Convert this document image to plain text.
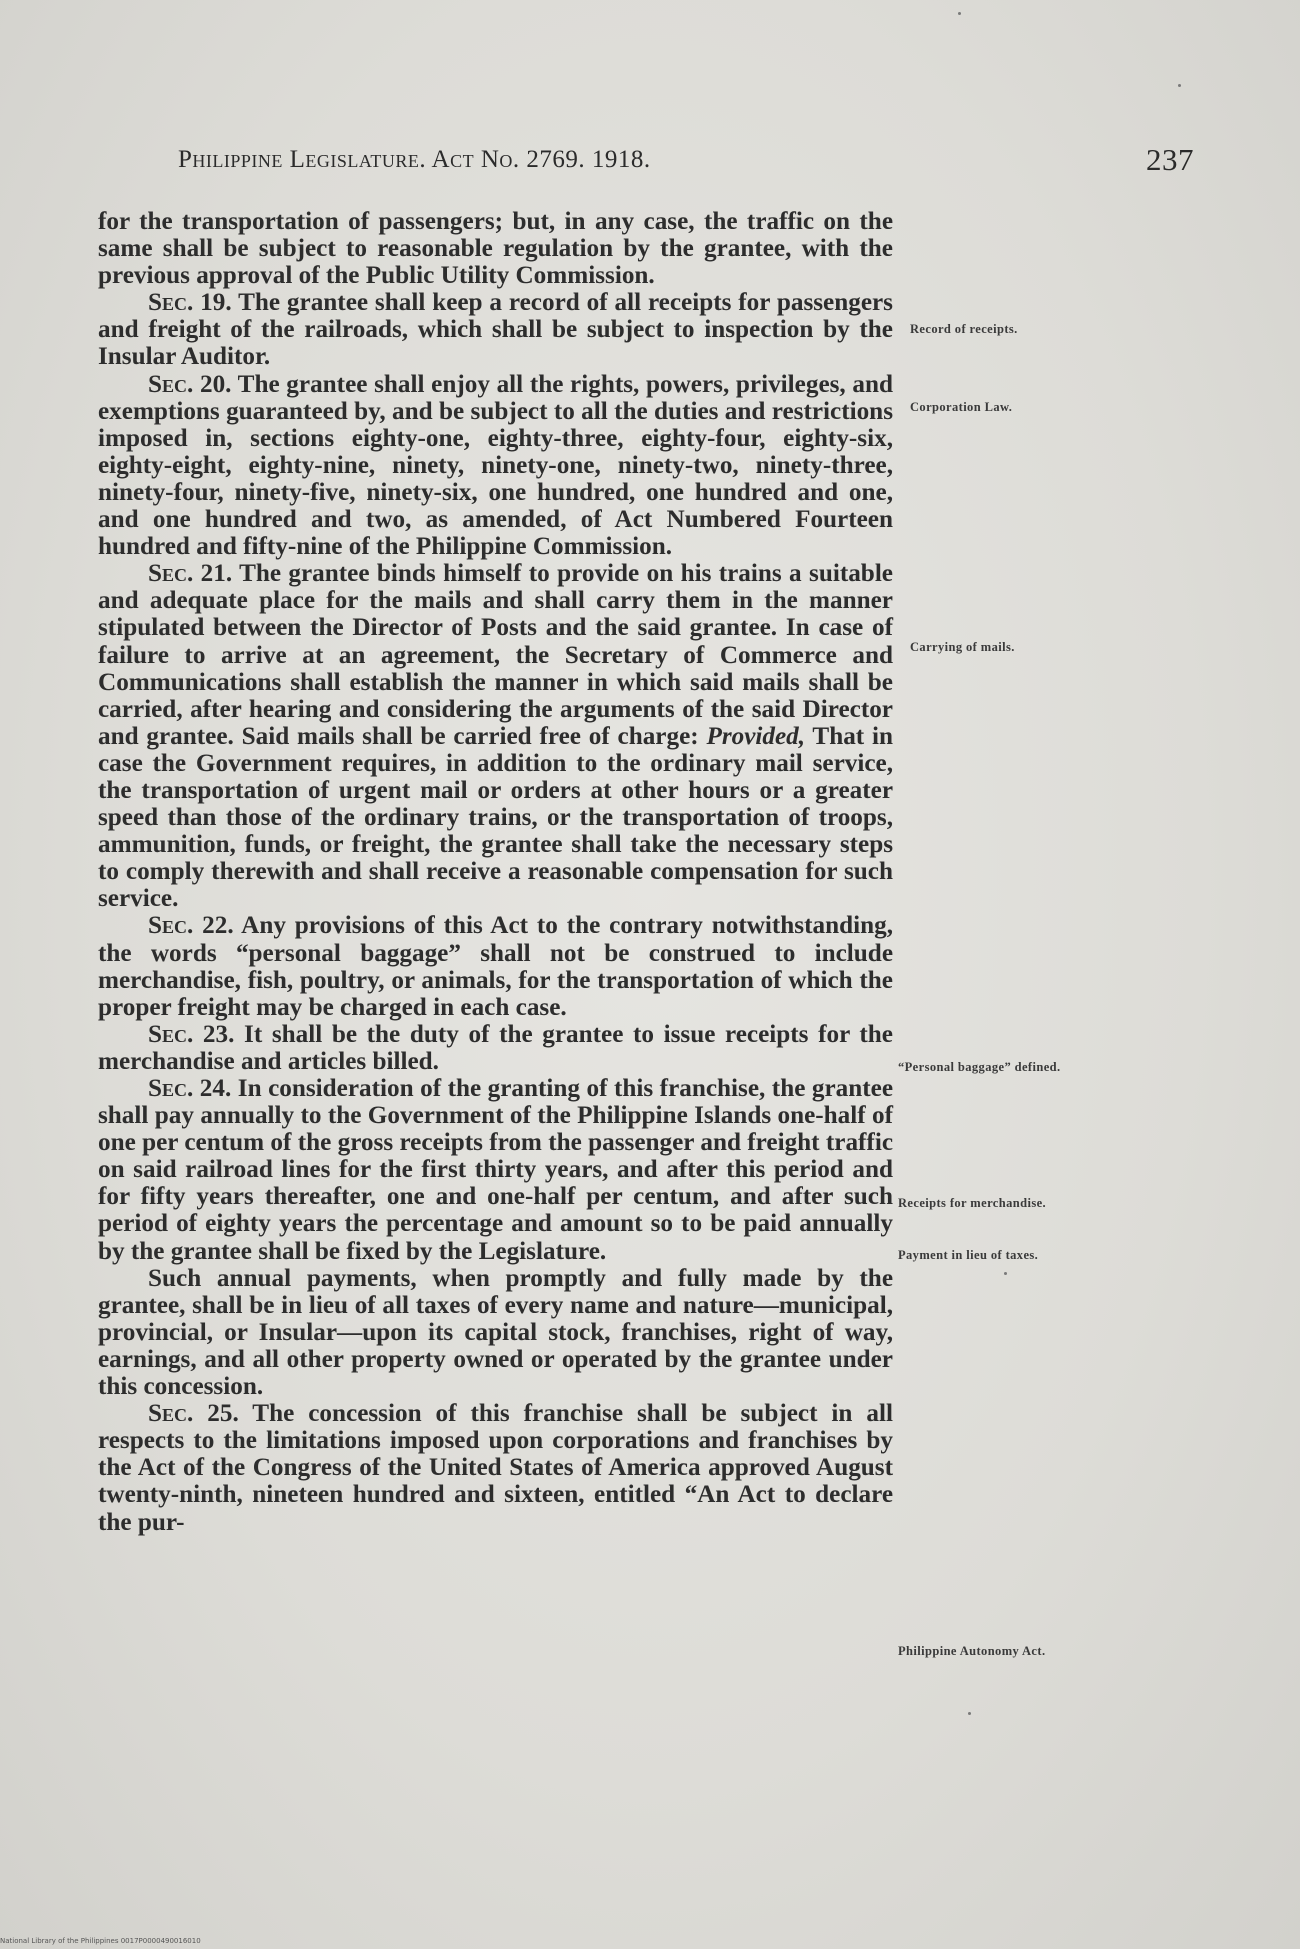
Philippine Legislature. Act No. 2769. 1918.	237

for the transportation of passengers; but, in any case, the traffic on the same shall be subject to reasonable regulation by the grantee, with the previous approval of the Public Utility Commission.

Sec. 19. The grantee shall keep a record of all receipts for passengers and freight of the railroads, which shall be subject to inspection by the Insular Auditor.

Sec. 20. The grantee shall enjoy all the rights, powers, privileges, and exemptions guaranteed by, and be subject to all the duties and restrictions imposed in, sections eighty-one, eighty-three, eighty-four, eighty-six, eighty-eight, eighty-nine, ninety, ninety-one, ninety-two, ninety-three, ninety-four, ninety-five, ninety-six, one hundred, one hundred and one, and one hundred and two, as amended, of Act Numbered Fourteen hundred and fifty-nine of the Philippine Commission.

Sec. 21. The grantee binds himself to provide on his trains a suitable and adequate place for the mails and shall carry them in the manner stipulated between the Director of Posts and the said grantee. In case of failure to arrive at an agreement, the Secretary of Commerce and Communications shall establish the manner in which said mails shall be carried, after hearing and considering the arguments of the said Director and grantee. Said mails shall be carried free of charge: Provided, That in case the Government requires, in addition to the ordinary mail service, the transportation of urgent mail or orders at other hours or a greater speed than those of the ordinary trains, or the transportation of troops, ammunition, funds, or freight, the grantee shall take the necessary steps to comply therewith and shall receive a reasonable compensation for such service.

Sec. 22. Any provisions of this Act to the contrary notwithstanding, the words “personal baggage” shall not be construed to include merchandise, fish, poultry, or animals, for the transportation of which the proper freight may be charged in each case.

Sec. 23. It shall be the duty of the grantee to issue receipts for the merchandise and articles billed.

Sec. 24. In consideration of the granting of this franchise, the grantee shall pay annually to the Government of the Philippine Islands one-half of one per centum of the gross receipts from the passenger and freight traffic on said railroad lines for the first thirty years, and after this period and for fifty years thereafter, one and one-half per centum, and after such period of eighty years the percentage and amount so to be paid annually by the grantee shall be fixed by the Legislature.

Such annual payments, when promptly and fully made by the grantee, shall be in lieu of all taxes of every name and nature—municipal, provincial, or Insular—upon its capital stock, franchises, right of way, earnings, and all other property owned or operated by the grantee under this concession.

Sec. 25. The concession of this franchise shall be subject in all respects to the limitations imposed upon corporations and franchises by the Act of the Congress of the United States of America approved August twenty-ninth, nineteen hundred and sixteen, entitled “An Act to declare the pur-

Record of receipts.
Corporation Law.
Carrying of mails.
“Personal baggage” defined.
Receipts for merchandise.
Payment in lieu of taxes.
Philippine Autonomy Act.
National Library of the Philippines 0017P0000490016010
